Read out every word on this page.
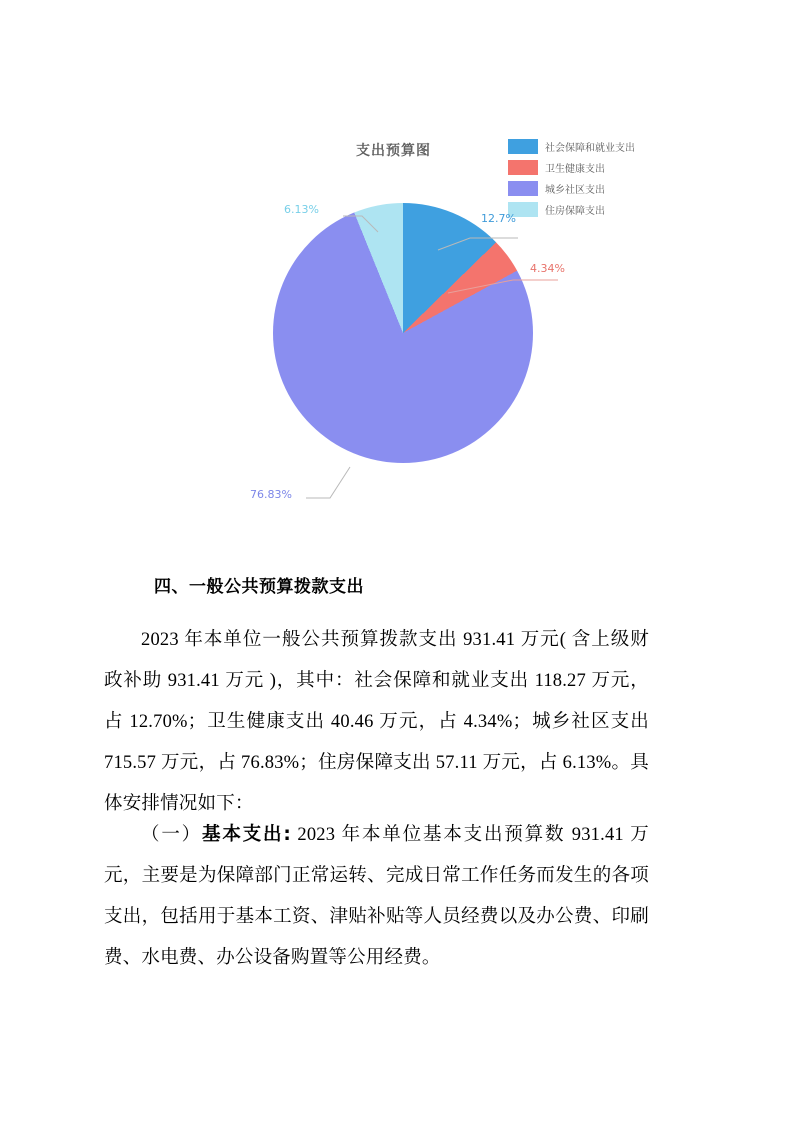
支出预算图	社会保障和就业支出
卫生健康支出
城乡社区支出
住房保障支出
12.7%
4.34%
76.83%
6.13%
四、一般公共预算拨款支出

2023 年本单位一般公共预算拨款支出 931.41 万元( 含上级财政补助 931.41 万元 )，其中：社会保障和就业支出 118.27 万元，占 12.70%；卫生健康支出 40.46 万元，占 4.34%；城乡社区支出 715.57 万元，占 76.83%；住房保障支出 57.11 万元，占 6.13%。具体安排情况如下：

（一）基本支出: 2023 年本单位基本支出预算数 931.41 万元，主要是为保障部门正常运转、完成日常工作任务而发生的各项支出，包括用于基本工资、津贴补贴等人员经费以及办公费、印刷费、水电费、办公设备购置等公用经费。
